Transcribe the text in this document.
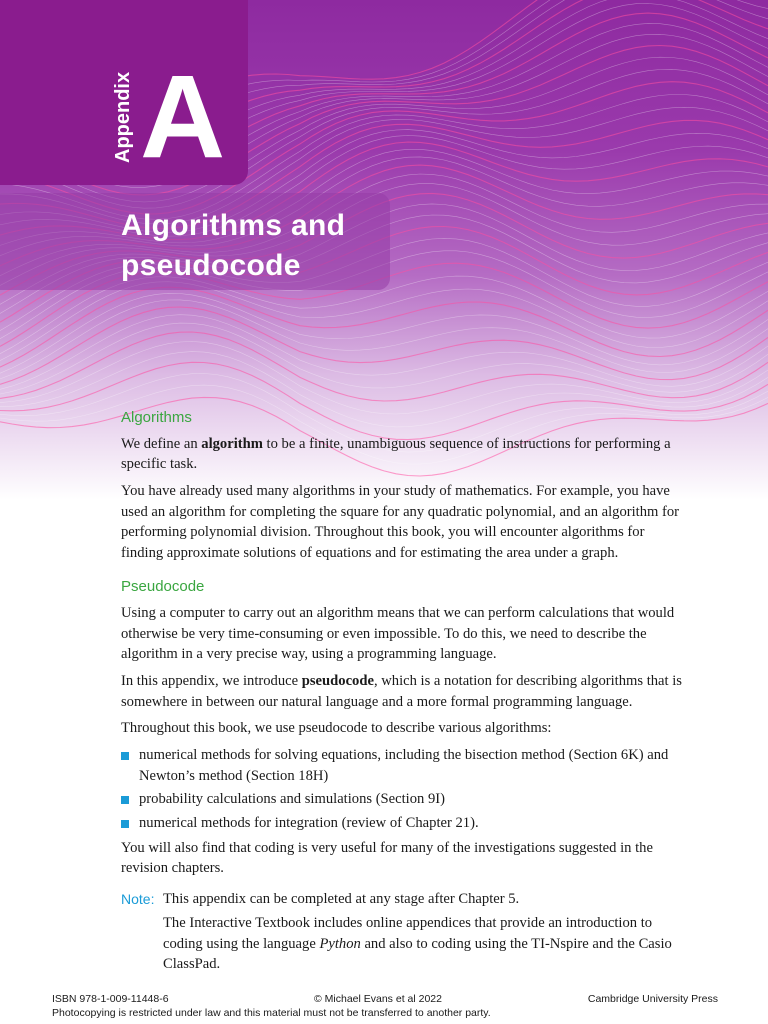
Appendix A
Algorithms and
pseudocode
Algorithms

We define an algorithm to be a finite, unambiguous sequence of instructions for performing a specific task.

You have already used many algorithms in your study of mathematics. For example, you have used an algorithm for completing the square for any quadratic polynomial, and an algorithm for performing polynomial division. Throughout this book, you will encounter algorithms for finding approximate solutions of equations and for estimating the area under a graph.

Pseudocode

Using a computer to carry out an algorithm means that we can perform calculations that would otherwise be very time-consuming or even impossible. To do this, we need to describe the algorithm in a very precise way, using a programming language.

In this appendix, we introduce pseudocode, which is a notation for describing algorithms that is somewhere in between our natural language and a more formal programming language.

Throughout this book, we use pseudocode to describe various algorithms:

numerical methods for solving equations, including the bisection method (Section 6K) and Newton’s method (Section 18H)
probability calculations and simulations (Section 9I)
numerical methods for integration (review of Chapter 21).

You will also find that coding is very useful for many of the investigations suggested in the revision chapters.

Note: This appendix can be completed at any stage after Chapter 5.

The Interactive Textbook includes online appendices that provide an introduction to coding using the language Python and also to coding using the TI-Nspire and the Casio ClassPad.

ISBN 978-1-009-11448-6	© Michael Evans et al 2022	Cambridge University Press
Photocopying is restricted under law and this material must not be transferred to another party.
